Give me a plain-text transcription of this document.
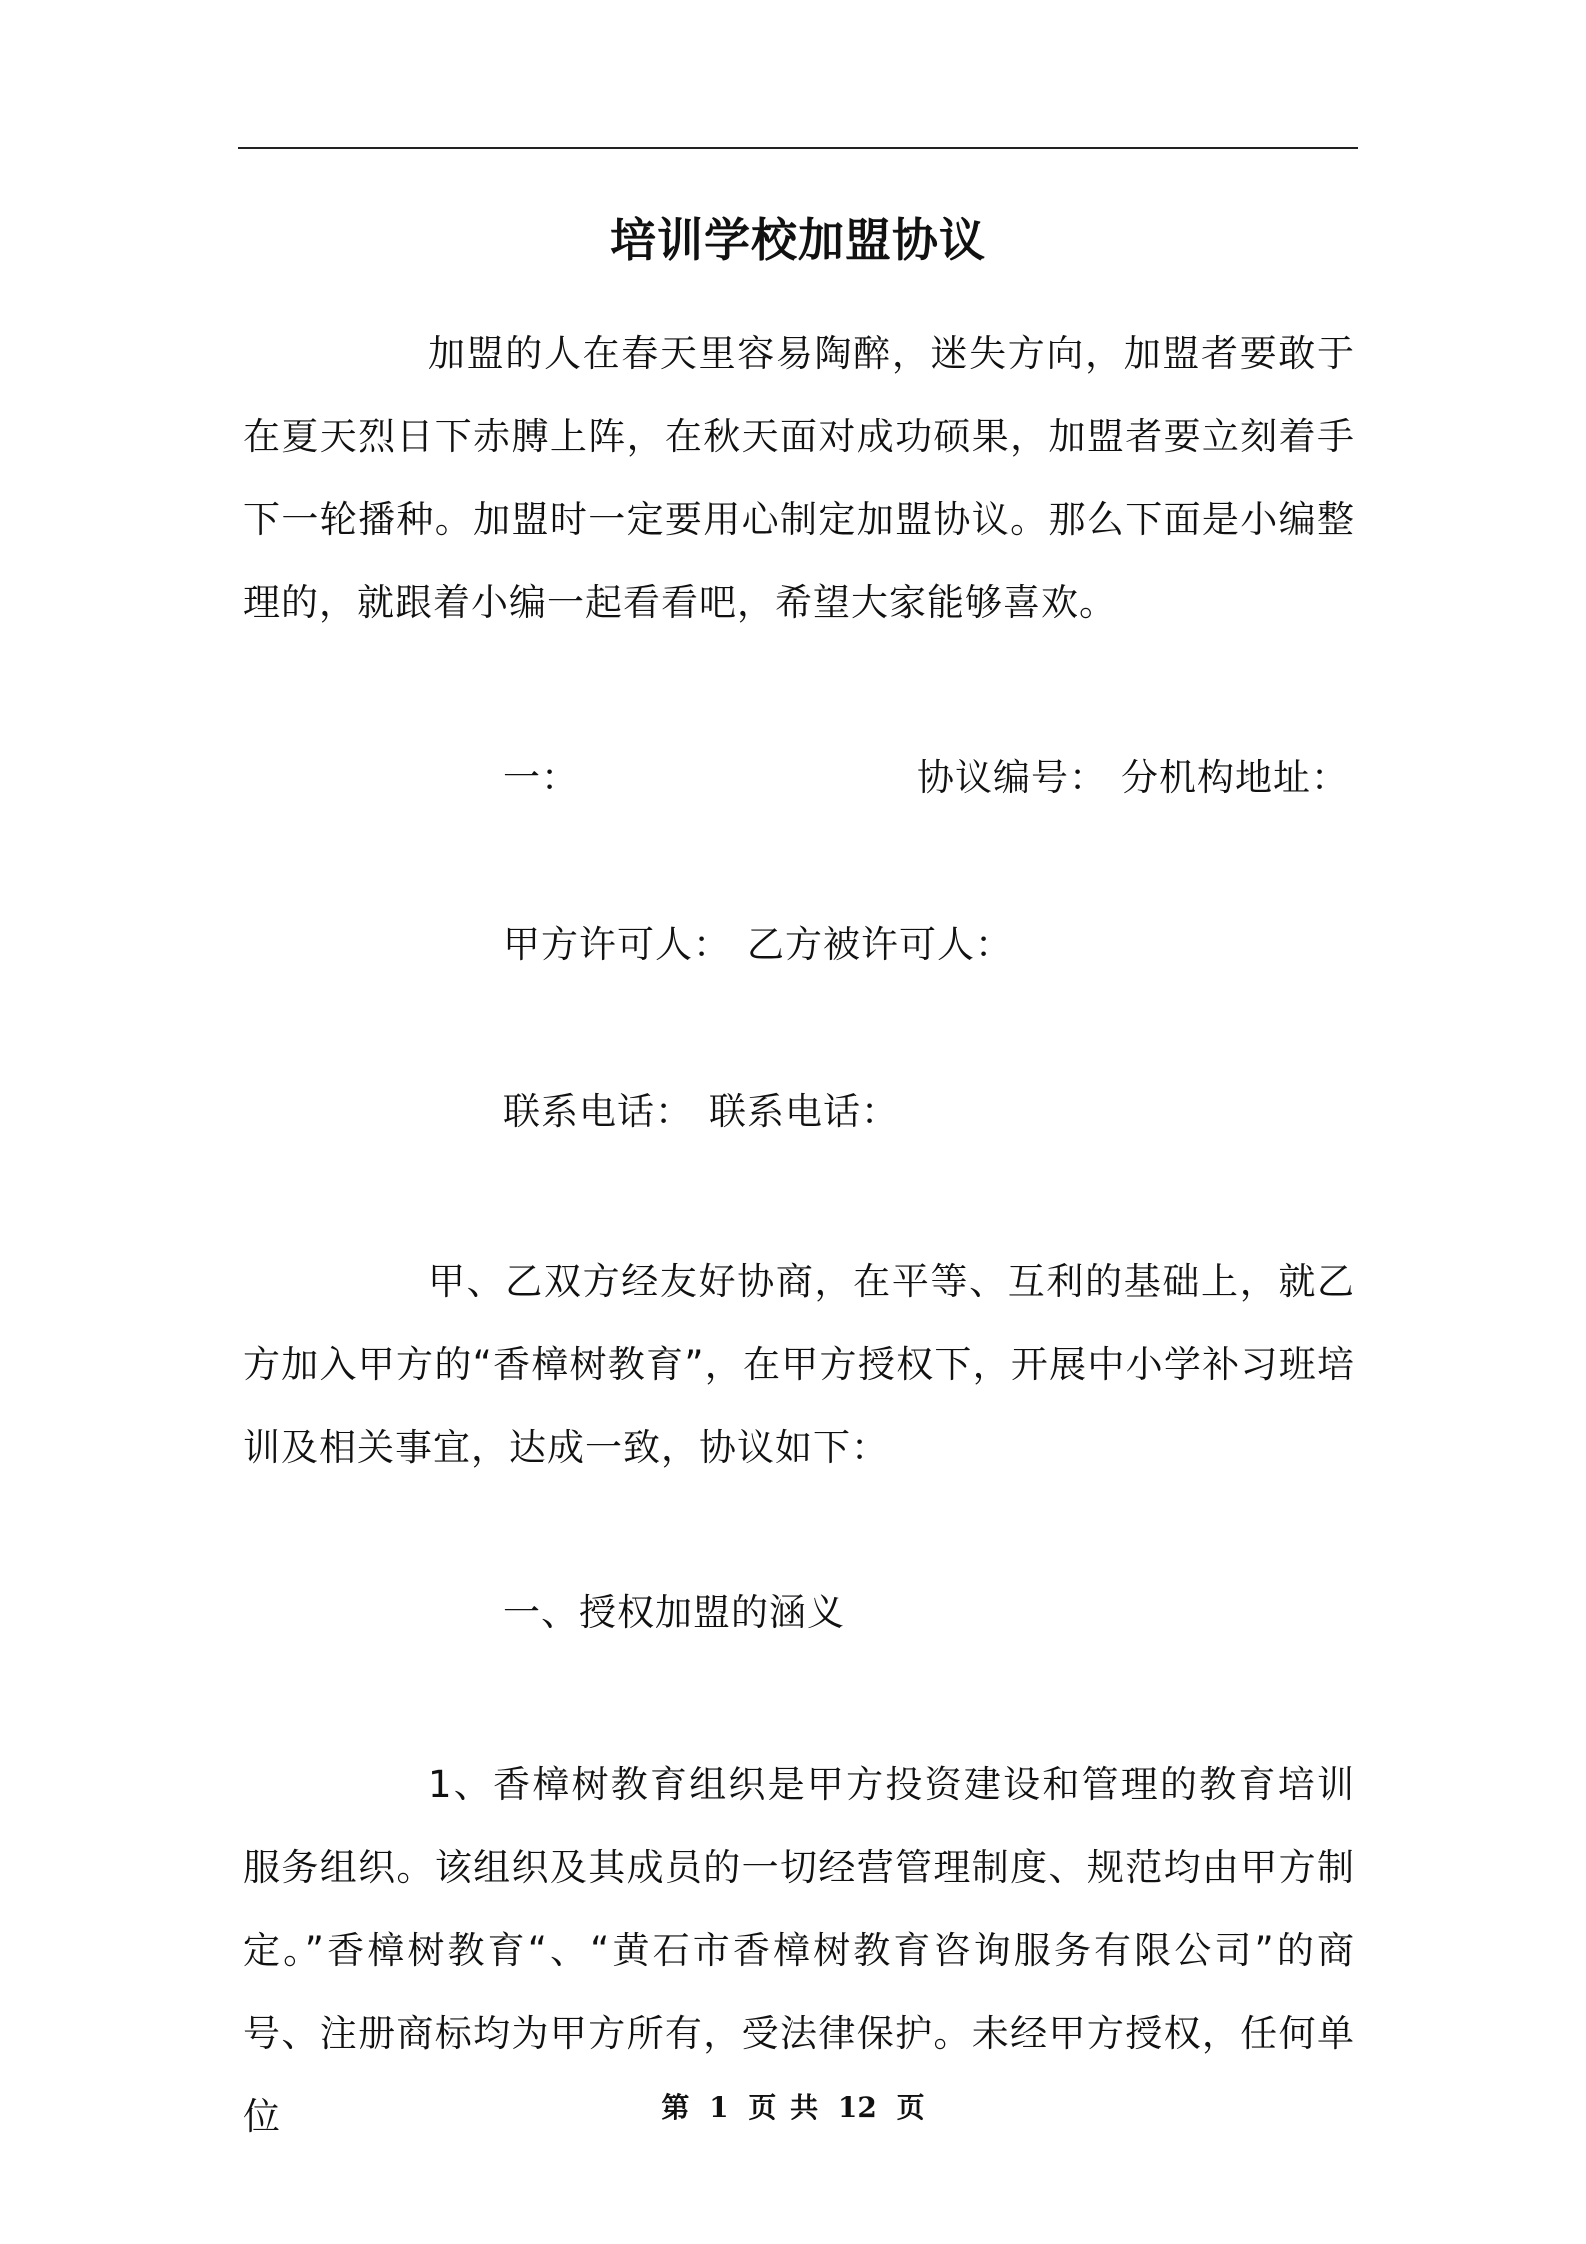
培训学校加盟协议

加盟的人在春天里容易陶醉，迷失方向，加盟者要敢于在夏天烈日下赤膊上阵，在秋天面对成功硕果，加盟者要立刻着手下一轮播种。加盟时一定要用心制定加盟协议。那么下面是小编整理的，就跟着小编一起看看吧，希望大家能够喜欢。

一：	协议编号： 分机构地址：
甲方许可人： 乙方被许可人：
联系电话： 联系电话：

甲、乙双方经友好协商，在平等、互利的基础上，就乙方加入甲方的“香樟树教育”，在甲方授权下，开展中小学补习班培训及相关事宜，达成一致，协议如下：

一、授权加盟的涵义

1、香樟树教育组织是甲方投资建设和管理的教育培训服务组织。该组织及其成员的一切经营管理制度、规范均由甲方制定。”香樟树教育“、“黄石市香樟树教育咨询服务有限公司”的商号、注册商标均为甲方所有，受法律保护。未经甲方授权，任何单位	第 1 页 共 12 页
